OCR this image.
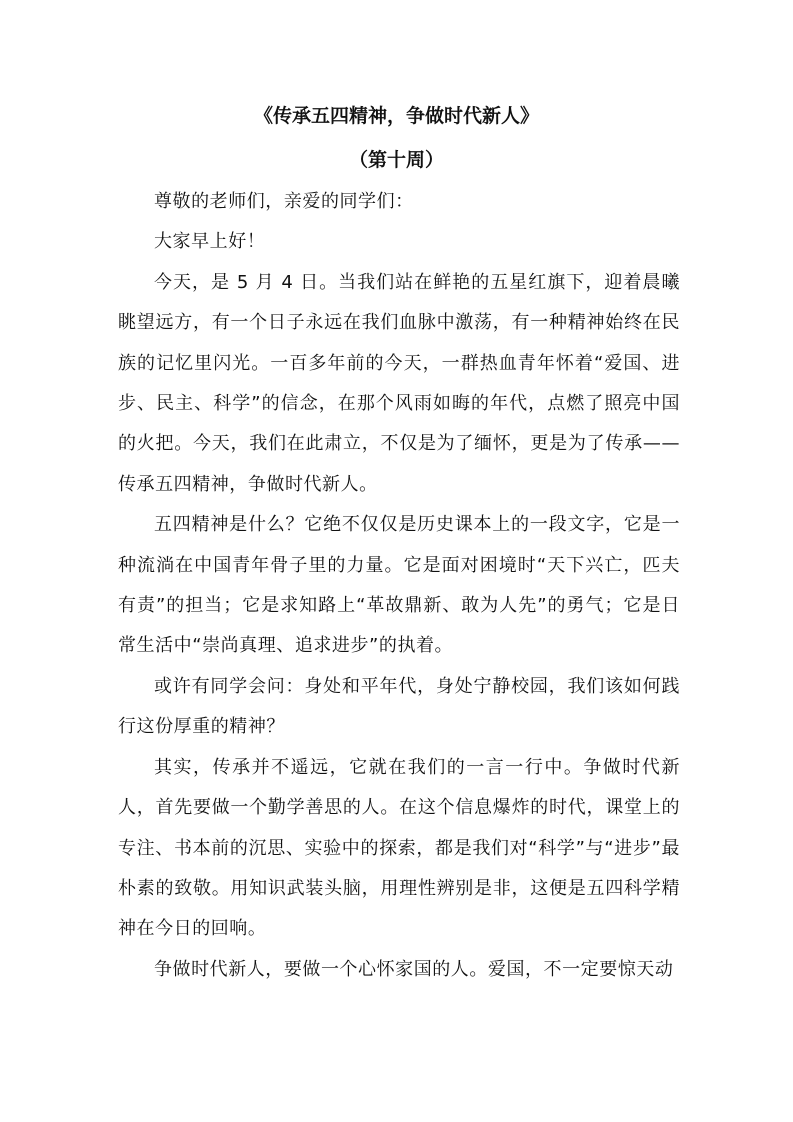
《传承五四精神，争做时代新人》
（第十周）

尊敬的老师们，亲爱的同学们：

大家早上好！

今天，是 5 月 4 日。当我们站在鲜艳的五星红旗下，迎着晨曦眺望远方，有一个日子永远在我们血脉中激荡，有一种精神始终在民族的记忆里闪光。一百多年前的今天，一群热血青年怀着“爱国、进步、民主、科学”的信念，在那个风雨如晦的年代，点燃了照亮中国的火把。今天，我们在此肃立，不仅是为了缅怀，更是为了传承——传承五四精神，争做时代新人。

五四精神是什么？它绝不仅仅是历史课本上的一段文字，它是一种流淌在中国青年骨子里的力量。它是面对困境时“天下兴亡，匹夫有责”的担当；它是求知路上“革故鼎新、敢为人先”的勇气；它是日常生活中“崇尚真理、追求进步”的执着。

或许有同学会问：身处和平年代，身处宁静校园，我们该如何践行这份厚重的精神？

其实，传承并不遥远，它就在我们的一言一行中。争做时代新人，首先要做一个勤学善思的人。在这个信息爆炸的时代，课堂上的专注、书本前的沉思、实验中的探索，都是我们对“科学”与“进步”最朴素的致敬。用知识武装头脑，用理性辨别是非，这便是五四科学精神在今日的回响。

争做时代新人，要做一个心怀家国的人。爱国，不一定要惊天动
